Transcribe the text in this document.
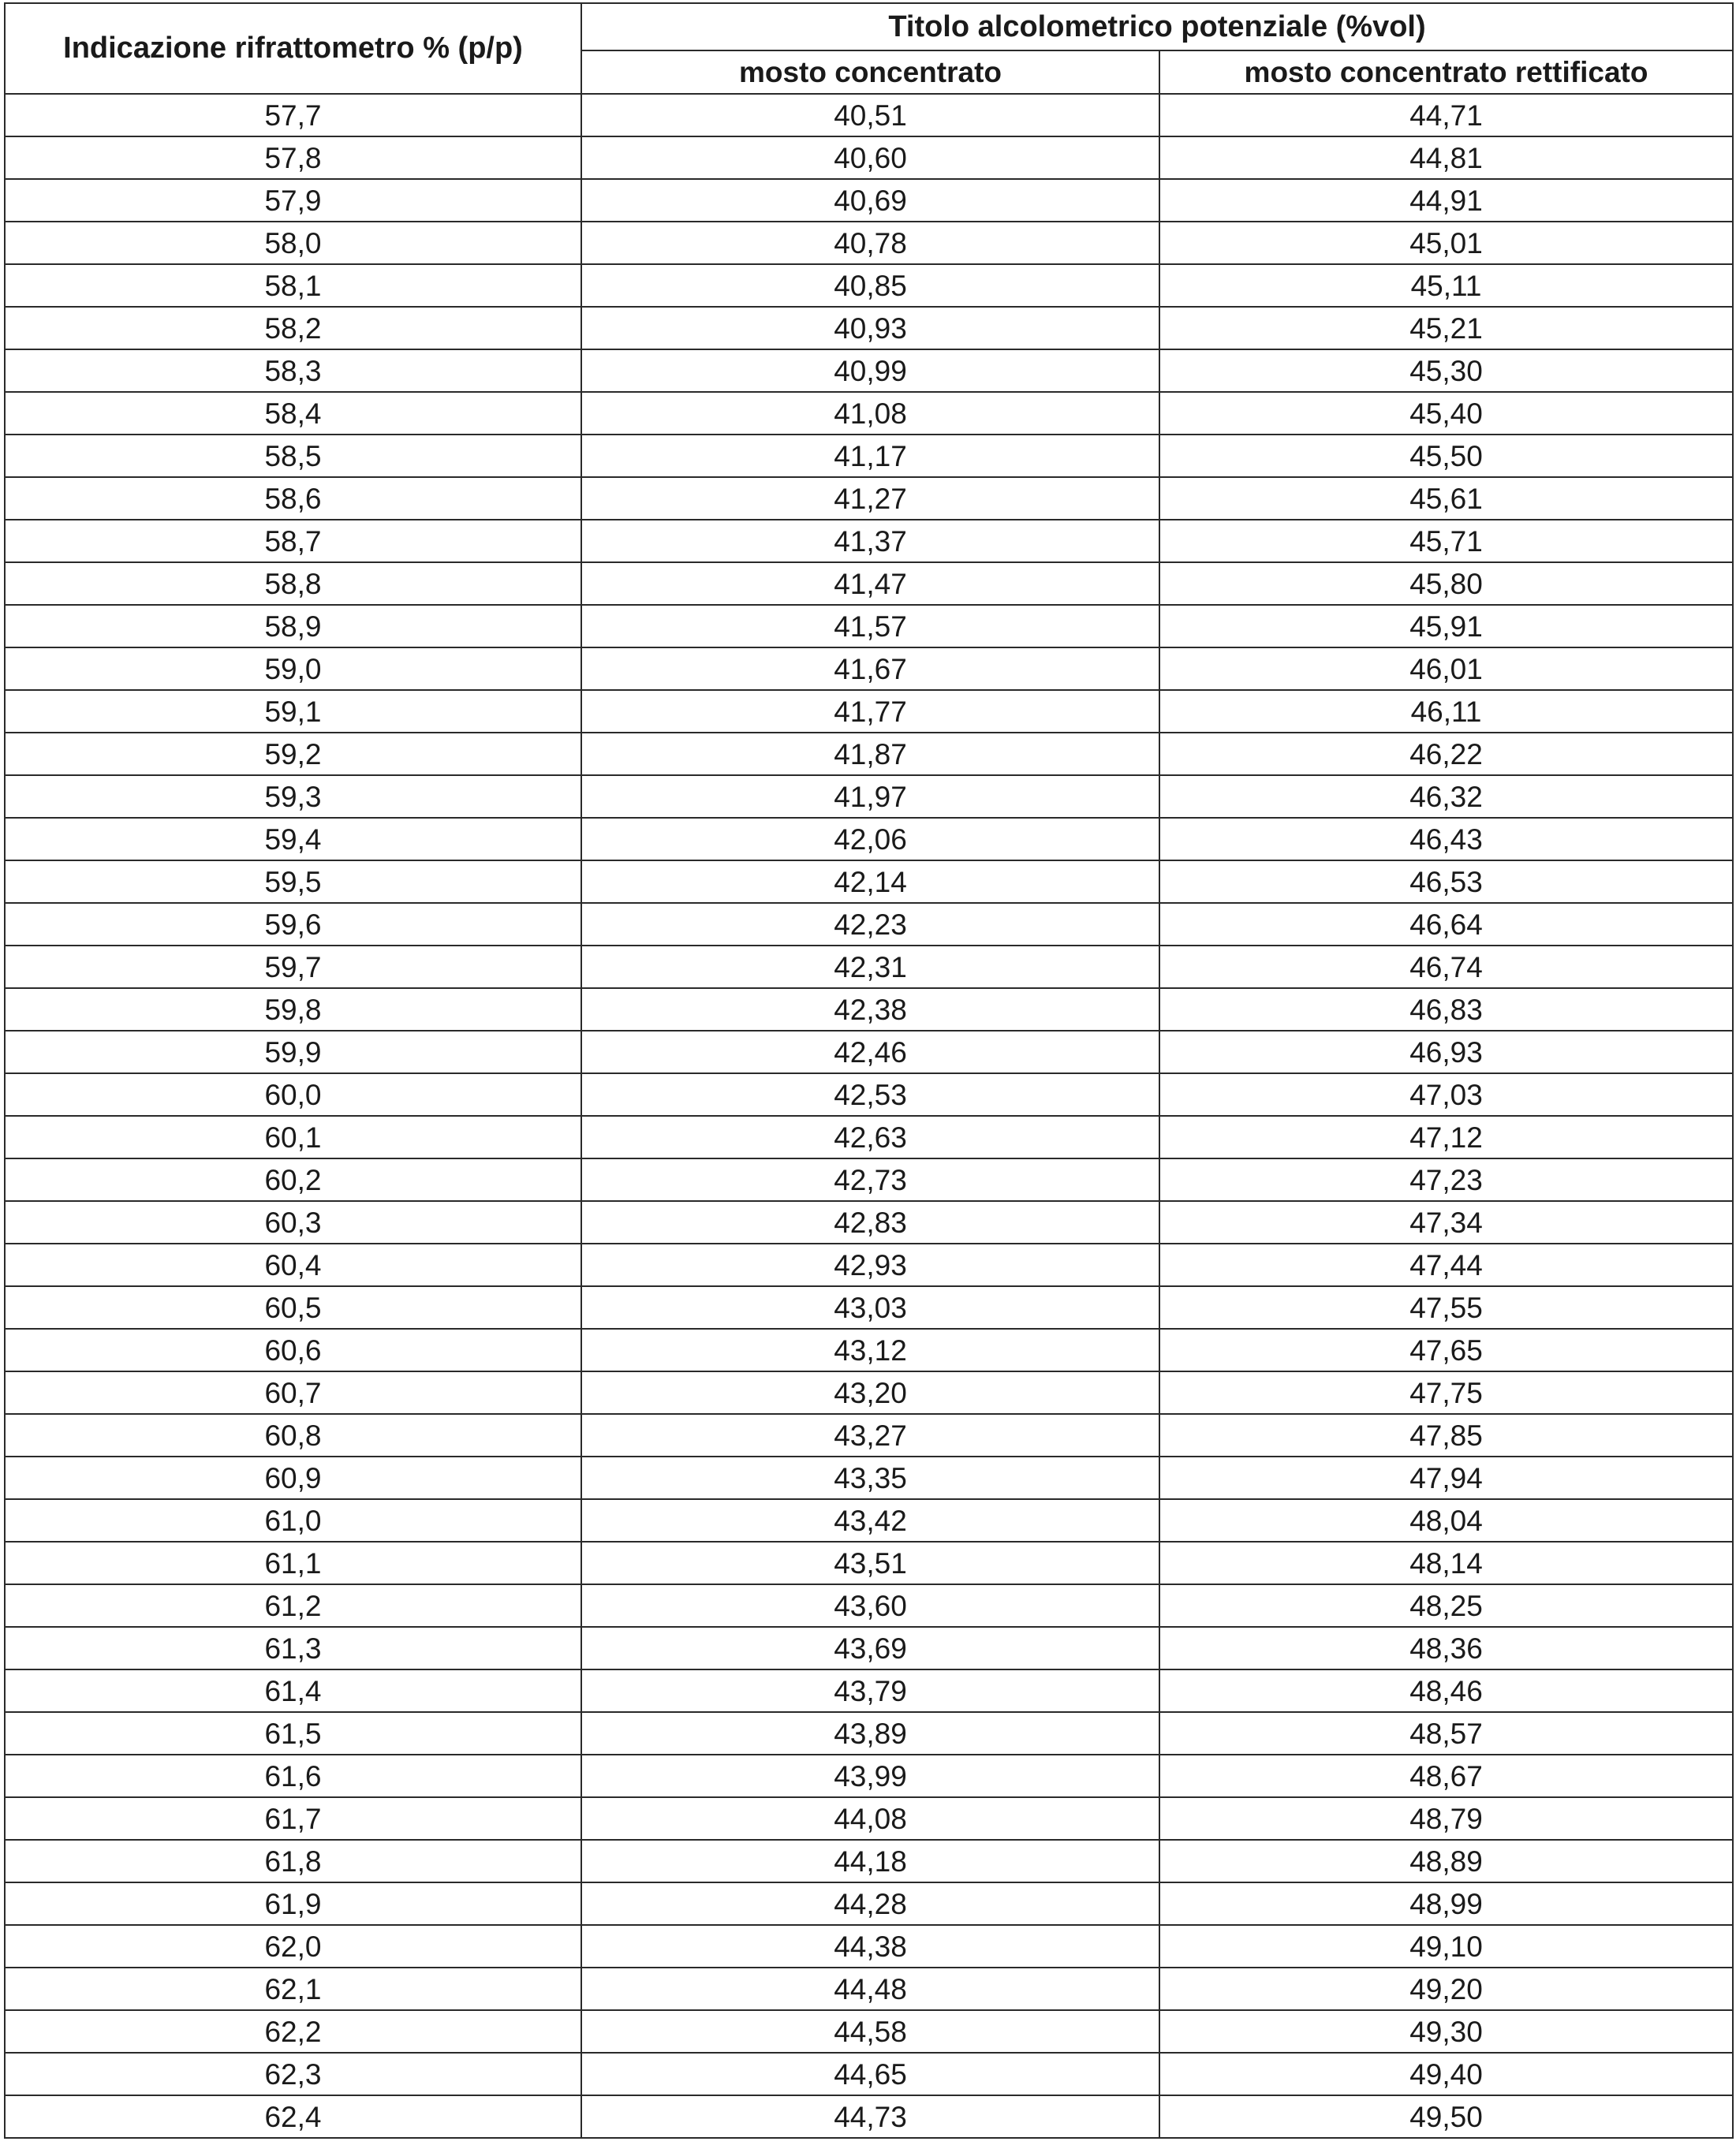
Indicazione rifrattometro % (p/p)	Titolo alcolometrico potenziale (%vol)	
	mosto concentrato	mosto concentrato rettificato
57,7	40,51	44,71
57,8	40,60	44,81
57,9	40,69	44,91
58,0	40,78	45,01
58,1	40,85	45,11
58,2	40,93	45,21
58,3	40,99	45,30
58,4	41,08	45,40
58,5	41,17	45,50
58,6	41,27	45,61
58,7	41,37	45,71
58,8	41,47	45,80
58,9	41,57	45,91
59,0	41,67	46,01
59,1	41,77	46,11
59,2	41,87	46,22
59,3	41,97	46,32
59,4	42,06	46,43
59,5	42,14	46,53
59,6	42,23	46,64
59,7	42,31	46,74
59,8	42,38	46,83
59,9	42,46	46,93
60,0	42,53	47,03
60,1	42,63	47,12
60,2	42,73	47,23
60,3	42,83	47,34
60,4	42,93	47,44
60,5	43,03	47,55
60,6	43,12	47,65
60,7	43,20	47,75
60,8	43,27	47,85
60,9	43,35	47,94
61,0	43,42	48,04
61,1	43,51	48,14
61,2	43,60	48,25
61,3	43,69	48,36
61,4	43,79	48,46
61,5	43,89	48,57
61,6	43,99	48,67
61,7	44,08	48,79
61,8	44,18	48,89
61,9	44,28	48,99
62,0	44,38	49,10
62,1	44,48	49,20
62,2	44,58	49,30
62,3	44,65	49,40
62,4	44,73	49,50
